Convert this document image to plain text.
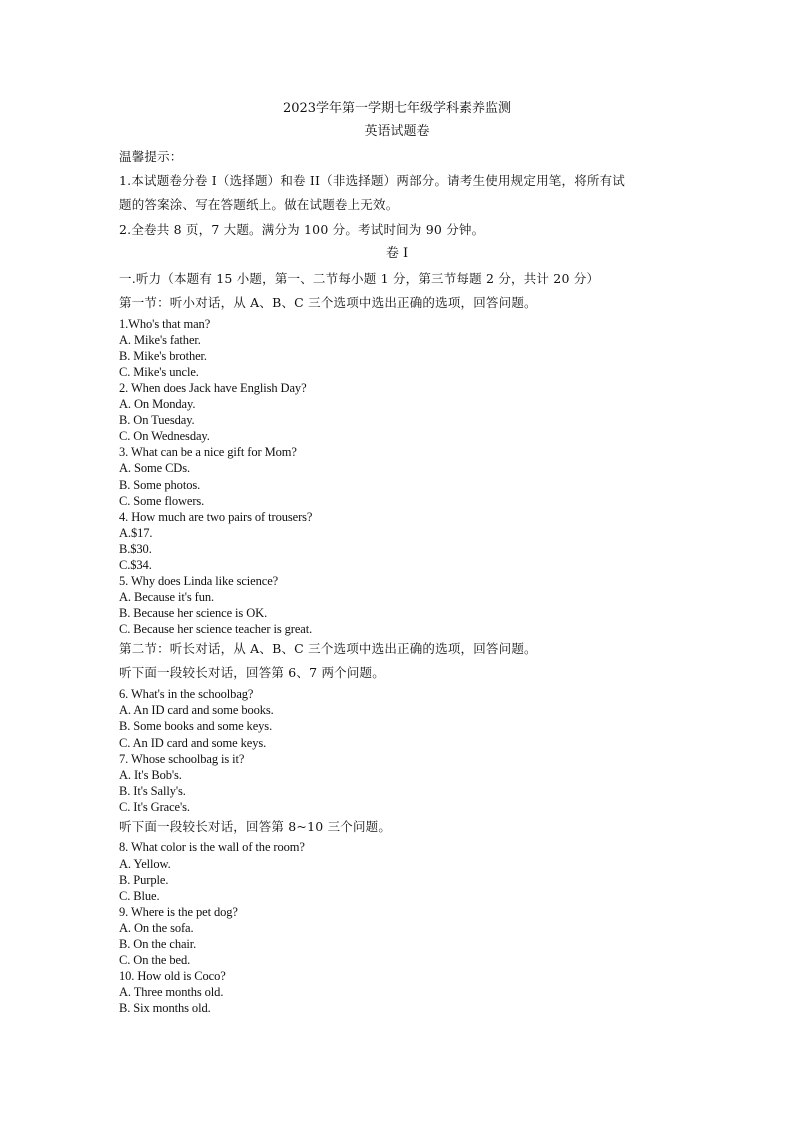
2023学年第一学期七年级学科素养监测
英语试题卷
温馨提示：
1.本试题卷分卷 I（选择题）和卷 II（非选择题）两部分。请考生使用规定用笔，将所有试
题的答案涂、写在答题纸上。做在试题卷上无效。
2.全卷共 8 页，7 大题。满分为 100 分。考试时间为 90 分钟。
卷 I
一.听力（本题有 15 小题，第一、二节每小题 1 分，第三节每题 2 分，共计 20 分）
第一节：听小对话，从 A、B、C 三个选项中选出正确的选项，回答问题。
1.Who's that man?
A. Mike's father.
B. Mike's brother.
C. Mike's uncle.
2. When does Jack have English Day?
A. On Monday.
B. On Tuesday.
C. On Wednesday.
3. What can be a nice gift for Mom?
A. Some CDs.
B. Some photos.
C. Some flowers.
4. How much are two pairs of trousers?
A.$17.
B.$30.
C.$34.
5. Why does Linda like science?
A. Because it's fun.
B. Because her science is OK.
C. Because her science teacher is great.
第二节：听长对话，从 A、B、C 三个选项中选出正确的选项，回答问题。
听下面一段较长对话，回答第 6、7 两个问题。
6. What's in the schoolbag?
A. An ID card and some books.
B. Some books and some keys.
C. An ID card and some keys.
7. Whose schoolbag is it?
A. It's Bob's.
B. It's Sally's.
C. It's Grace's.
听下面一段较长对话，回答第 8~10 三个问题。
8. What color is the wall of the room?
A. Yellow.
B. Purple.
C. Blue.
9. Where is the pet dog?
A. On the sofa.
B. On the chair.
C. On the bed.
10. How old is Coco?
A. Three months old.
B. Six months old.
